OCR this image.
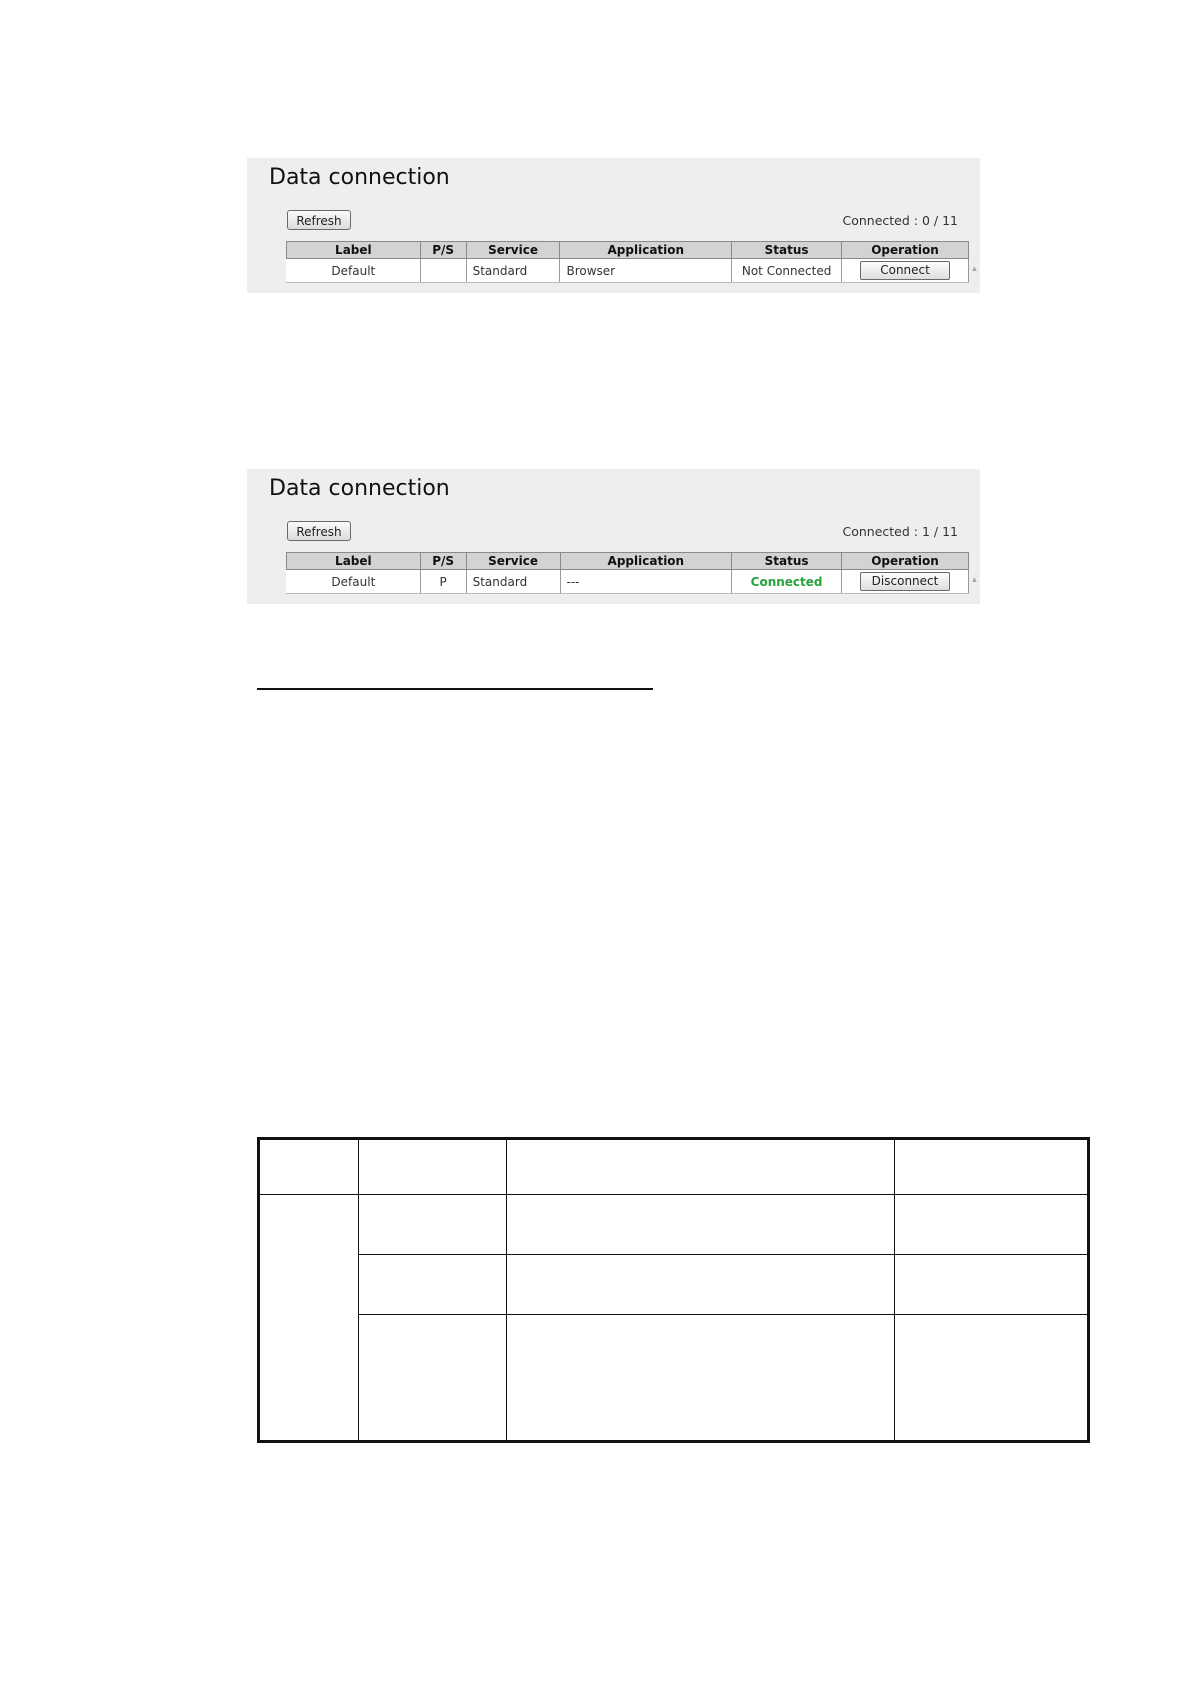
Data connection
Refresh	Connected : 0 / 11
Label	P/S	Service	Application	Status	Operation
Default		Standard	Browser	Not Connected	Connect	▲
Data connection
Refresh	Connected : 1 / 11
Label	P/S	Service	Application	Status	Operation
Default	P	Standard	---	Connected	Disconnect	▲
